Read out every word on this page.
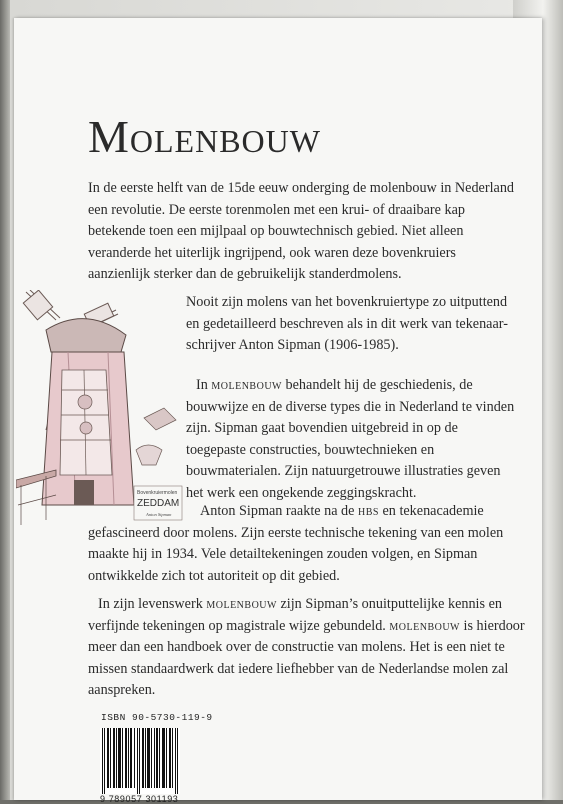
Molenbouw

In de eerste helft van de 15de eeuw onderging de molenbouw in Nederland een revolutie. De eerste torenmolen met een krui- of draaibare kap betekende toen een mijlpaal op bouwtechnisch gebied. Niet alleen veranderde het uiterlijk ingrijpend, ook waren deze bovenkruiers aanzienlijk sterker dan de gebruikelijk standerdmolens.

Bovenkruiermolen
ZEDDAM
Anton Sipman

Nooit zijn molens van het bovenkruiertype zo uitputtend en gedetailleerd beschreven als in dit werk van tekenaar-schrijver Anton Sipman (1906-1985).

In molenbouw behandelt hij de geschiedenis, de bouwwijze en de diverse types die in Nederland te vinden zijn. Sipman gaat bovendien uitgebreid in op de toegepaste constructies, bouwtechnieken en bouwmaterialen. Zijn natuurgetrouwe illustraties geven het werk een ongekende zeggingskracht.

Anton Sipman raakte na de hbs en tekenacademie gefascineerd door molens. Zijn eerste technische tekening van een molen maakte hij in 1934. Vele detailtekeningen zouden volgen, en Sipman ontwikkelde zich tot autoriteit op dit gebied.

In zijn levenswerk molenbouw zijn Sipman’s onuitputtelijke kennis en verfijnde tekeningen op magistrale wijze gebundeld. molenbouw is hierdoor meer dan een handboek over de constructie van molens. Het is een niet te missen standaardwerk dat iedere liefhebber van de Nederlandse molen zal aanspreken.

ISBN 90-5730-119-9
9 789057 301193
